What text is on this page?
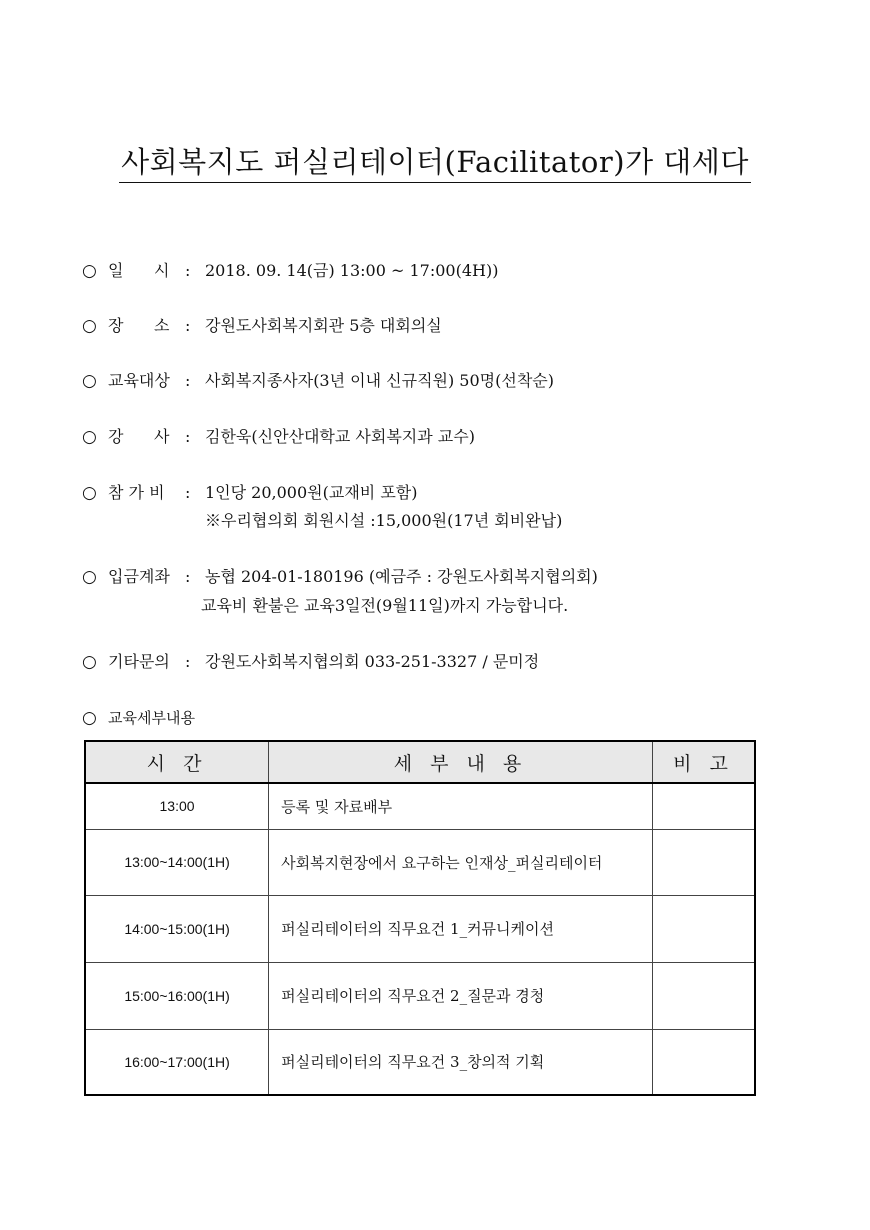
사회복지도 퍼실리테이터(Facilitator)가 대세다
○ 일      시 : 2018. 09. 14(금) 13:00 ~ 17:00(4H))
○ 장      소 : 강원도사회복지회관 5층 대회의실
○ 교육대상 : 사회복지종사자(3년 이내 신규직원) 50명(선착순)
○ 강      사 : 김한욱(신안산대학교 사회복지과 교수)
○ 참 가 비 : 1인당 20,000원(교재비 포함)
※우리협의회 회원시설 :15,000원(17년 회비완납)
○ 입금계좌 : 농협 204-01-180196 (예금주 : 강원도사회복지협의회)
교육비 환불은 교육3일전(9월11일)까지 가능합니다.
○ 기타문의 : 강원도사회복지협의회 033-251-3327 / 문미정
○ 교육세부내용
시 간	세 부 내 용	비 고
13:00	등록 및 자료배부	
13:00~14:00(1H)	사회복지현장에서 요구하는 인재상_퍼실리테이터	
14:00~15:00(1H)	퍼실리테이터의 직무요건 1_커뮤니케이션	
15:00~16:00(1H)	퍼실리테이터의 직무요건 2_질문과 경청	
16:00~17:00(1H)	퍼실리테이터의 직무요건 3_창의적 기획	
